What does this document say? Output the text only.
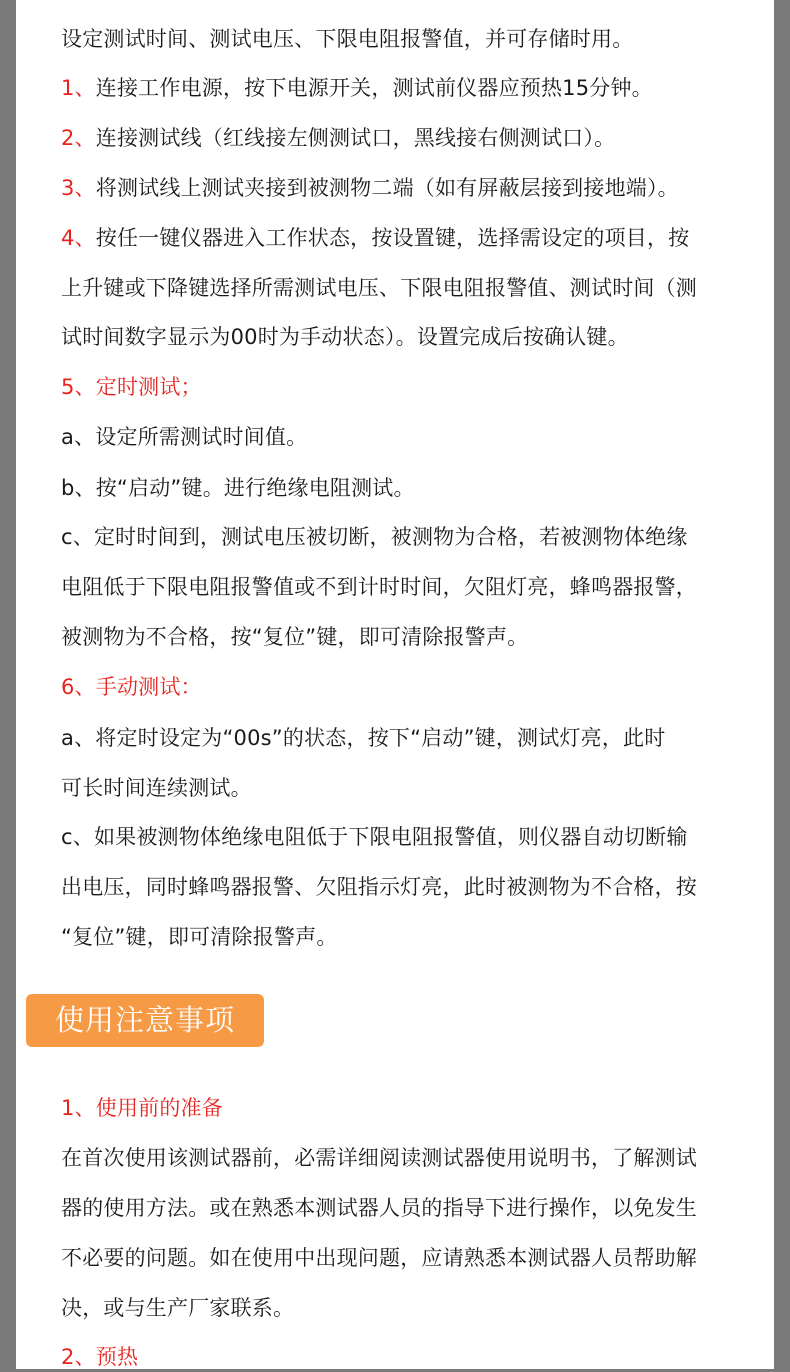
设定测试时间、测试电压、下限电阻报警值，并可存储时用。
1、连接工作电源，按下电源开关，测试前仪器应预热15分钟。
2、连接测试线（红线接左侧测试口，黑线接右侧测试口）。
3、将测试线上测试夹接到被测物二端（如有屏蔽层接到接地端）。
4、按任一键仪器进入工作状态，按设置键，选择需设定的项目，按
上升键或下降键选择所需测试电压、下限电阻报警值、测试时间（测
试时间数字显示为00时为手动状态）。设置完成后按确认键。
5、定时测试；
a、设定所需测试时间值。
b、按“启动”键。进行绝缘电阻测试。
c、定时时间到，测试电压被切断，被测物为合格，若被测物体绝缘
电阻低于下限电阻报警值或不到计时时间，欠阻灯亮，蜂鸣器报警，
被测物为不合格，按“复位”键，即可清除报警声。
6、手动测试：
a、将定时设定为“00s”的状态，按下“启动”键，测试灯亮，此时
可长时间连续测试。
c、如果被测物体绝缘电阻低于下限电阻报警值，则仪器自动切断输
出电压，同时蜂鸣器报警、欠阻指示灯亮，此时被测物为不合格，按
“复位”键，即可清除报警声。
使用注意事项
1、使用前的准备
在首次使用该测试器前，必需详细阅读测试器使用说明书，了解测试
器的使用方法。或在熟悉本测试器人员的指导下进行操作，以免发生
不必要的问题。如在使用中出现问题，应请熟悉本测试器人员帮助解
决，或与生产厂家联系。
2、预热
